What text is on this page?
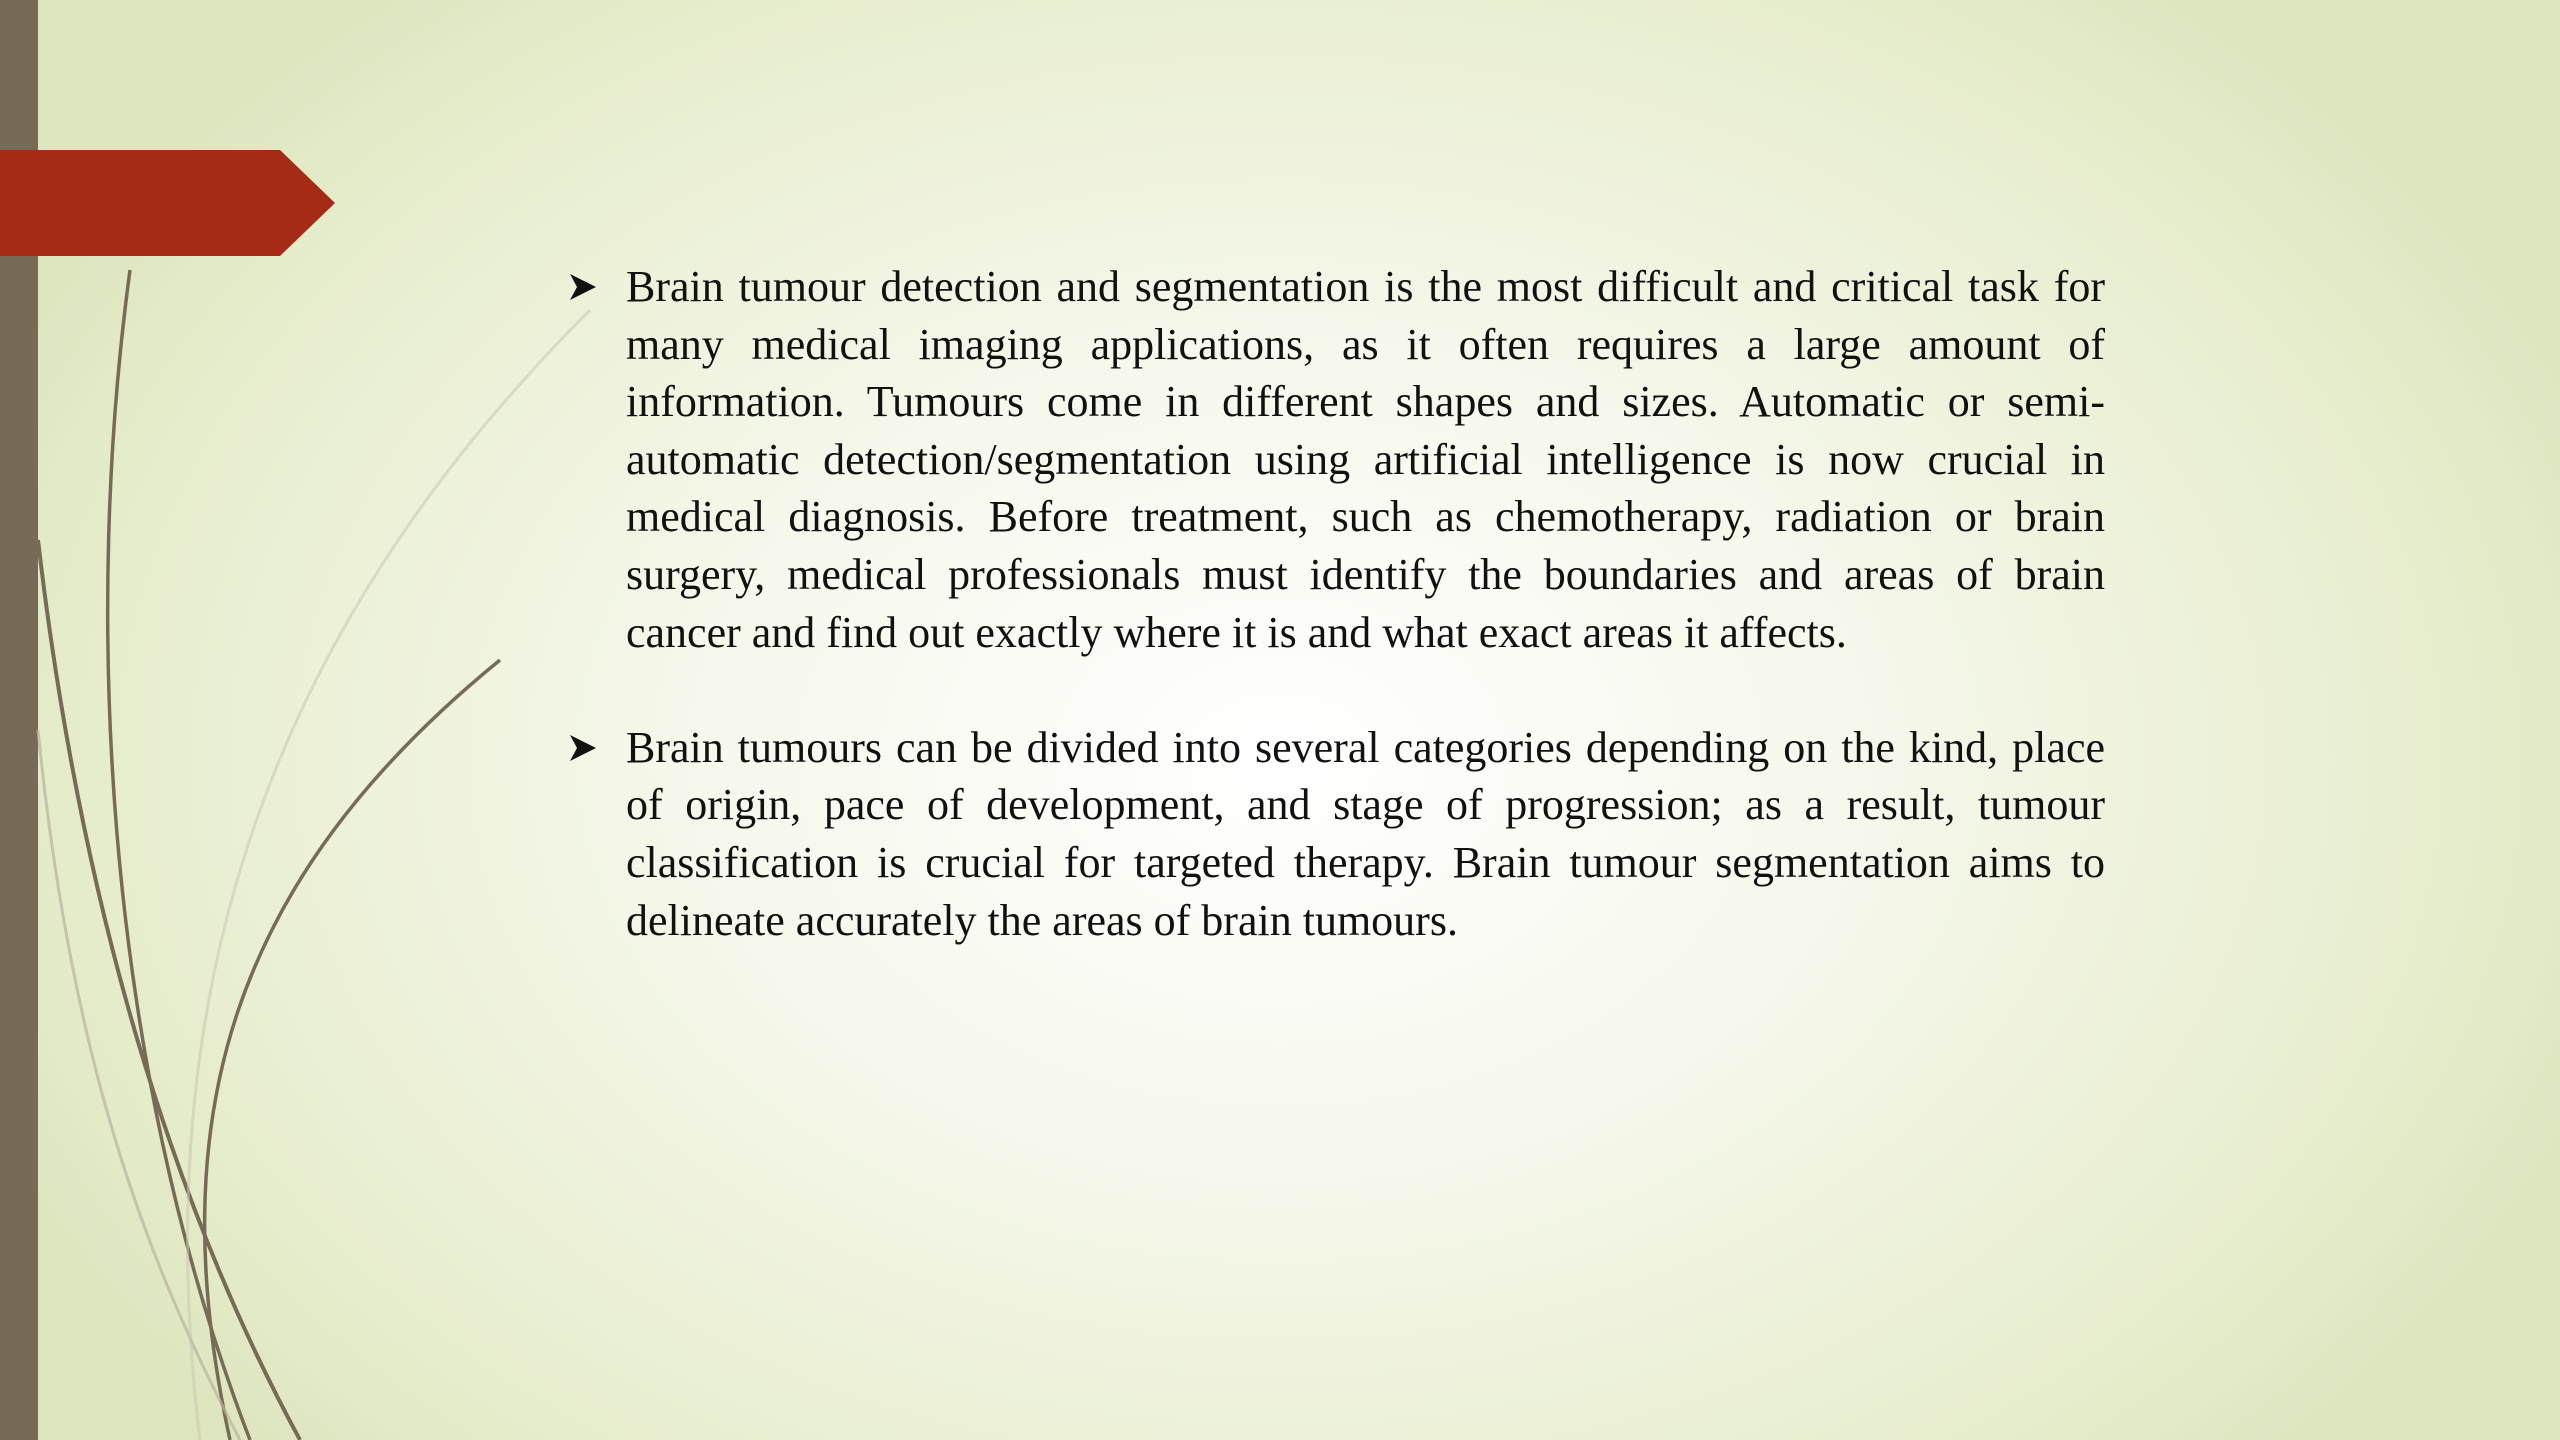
Brain tumour detection and segmentation is the most difficult and critical task for many medical imaging applications, as it often requires a large amount of information. Tumours come in different shapes and sizes. Automatic or semi-automatic detection/segmentation using artificial intelligence is now crucial in medical diagnosis. Before treatment, such as chemotherapy, radiation or brain surgery, medical professionals must identify the boundaries and areas of brain cancer and find out exactly where it is and what exact areas it affects.
Brain tumours can be divided into several categories depending on the kind, place of origin, pace of development, and stage of progression; as a result, tumour classification is crucial for targeted therapy. Brain tumour segmentation aims to delineate accurately the areas of brain tumours.
